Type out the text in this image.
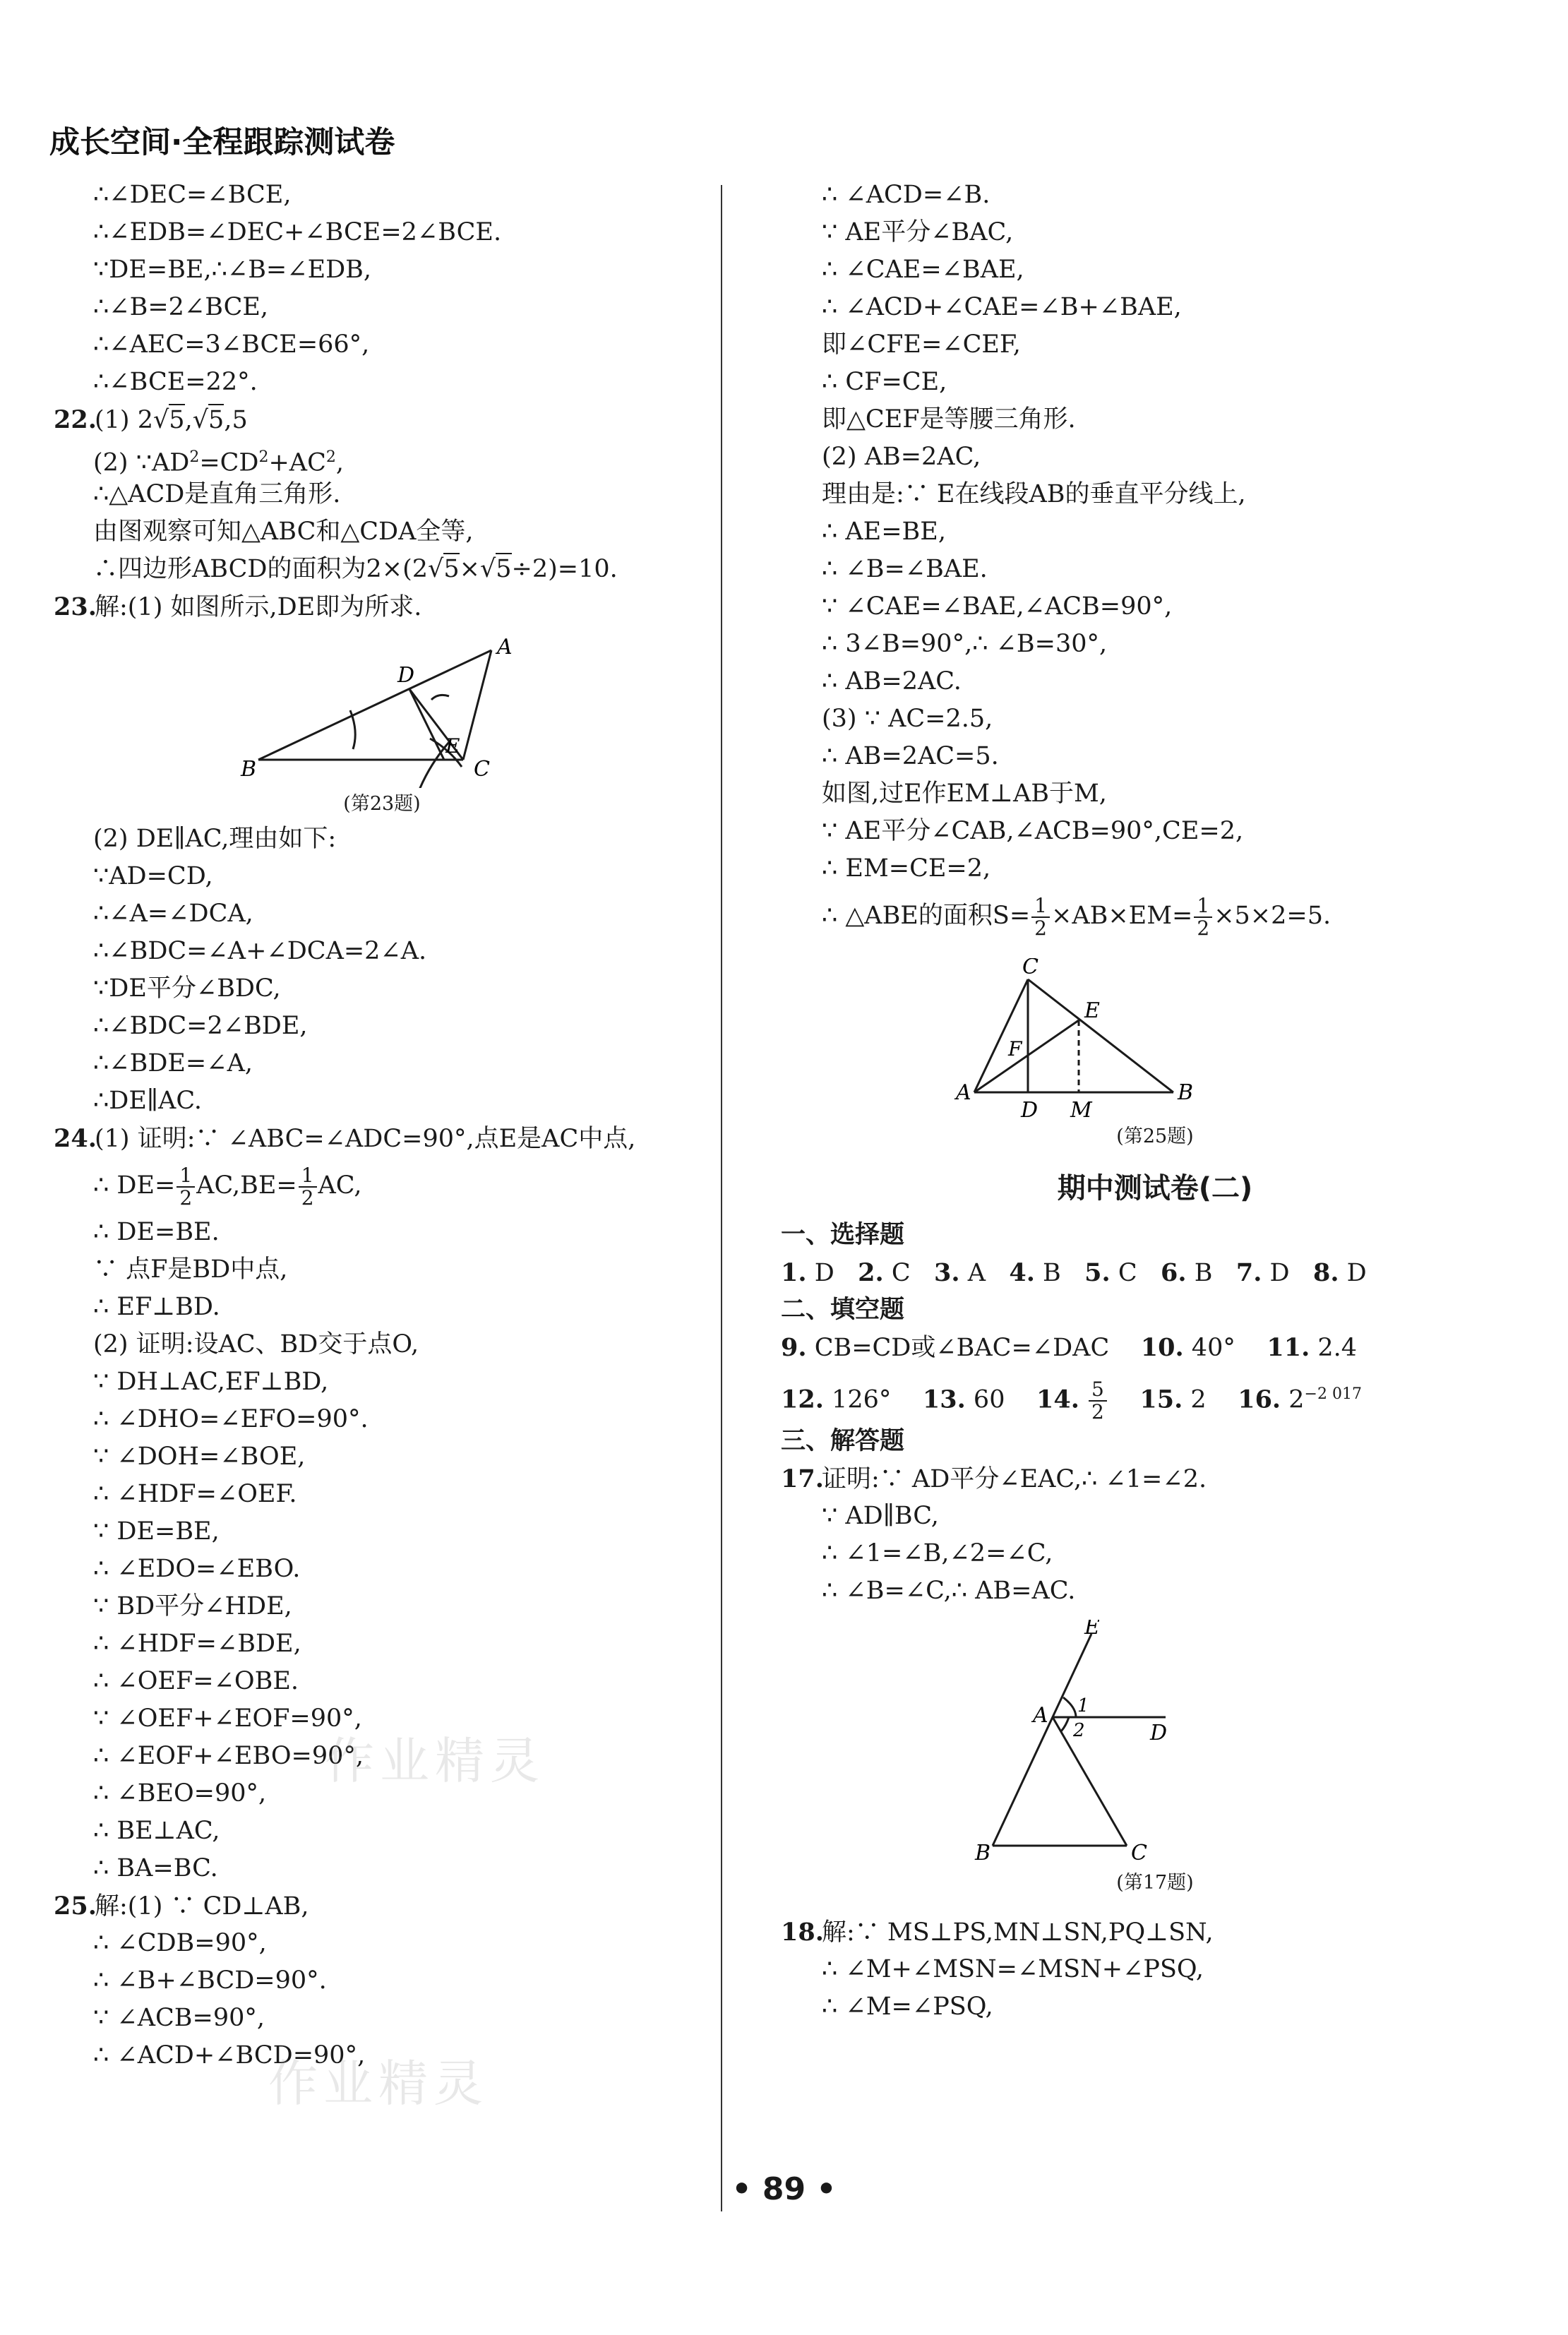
成长空间·全程跟踪测试卷
∴∠DEC=∠BCE,
∴∠EDB=∠DEC+∠BCE=2∠BCE.
∵DE=BE,∴∠B=∠EDB,
∴∠B=2∠BCE,
∴∠AEC=3∠BCE=66°,
∴∠BCE=22°.
22.(1) 2√5,√5,5
(2) $\because AD^2=CD^2+AC^2$,
∴△ACD是直角三角形.
由图观察可知△ABC和△CDA全等,
∴四边形ABCD的面积为2×(2√5×√5÷2)=10.
23.解:(1) 如图所示,DE即为所求.
B	C
A
D
E
(第23题)
(2) DE∥AC,理由如下:
∵AD=CD,
∴∠A=∠DCA,
∴∠BDC=∠A+∠DCA=2∠A.
∵DE平分∠BDC,
∴∠BDC=2∠BDE,
∴∠BDE=∠A,
∴DE∥AC.
24.(1) 证明:∵ ∠ABC=∠ADC=90°,点E是AC中点,
∴ $DE= \frac{1}{2} AC,BE= \frac{1}{2}$ AC,
∴ DE=BE.
∵ 点F是BD中点,
∴ EF⊥BD.
(2) 证明:设AC、BD交于点O,
∵ DH⊥AC,EF⊥BD,
∴ ∠DHO=∠EFO=90°.
∵ ∠DOH=∠BOE,
∴ ∠HDF=∠OEF.
∵ DE=BE,
∴ ∠EDO=∠EBO.
∵ BD平分∠HDE,
∴ ∠HDF=∠BDE,
∴ ∠OEF=∠OBE.
∵ ∠OEF+∠EOF=90°,
∴ ∠EOF+∠EBO=90°,
∴ ∠BEO=90°,
∴ BE⊥AC,
∴ BA=BC.
25.解:(1) ∵ CD⊥AB,
∴ ∠CDB=90°,
∴ ∠B+∠BCD=90°.
∵ ∠ACB=90°,
∴ ∠ACD+∠BCD=90°,
∴ ∠ACD=∠B.
∵ AE平分∠BAC,
∴ ∠CAE=∠BAE,
∴ ∠ACD+∠CAE=∠B+∠BAE,
即∠CFE=∠CEF,
∴ CF=CE,
即△CEF是等腰三角形.
(2) AB=2AC,
理由是:∵ E在线段AB的垂直平分线上,
∴ AE=BE,
∴ ∠B=∠BAE.
∵ ∠CAE=∠BAE,∠ACB=90°,
∴ 3∠B=90°,∴ ∠B=30°,
∴ AB=2AC.
(3) ∵ AC=2.5,
∴ AB=2AC=5.
如图,过E作EM⊥AB于M,
∵ AE平分∠CAB,∠ACB=90°,CE=2,
∴ EM=CE=2,
∴ △ABE的面积$S= \frac{1}{2} \times AB\times EM= \frac{1}{2} \times 5\times 2=5$.
C
E
F
A	B
D M
(第25题)
期中测试卷(二)
一、选择题
1. D 2. C 3. A 4. B 5. C 6. B 7. D 8. D
二、填空题
9. CB=CD或∠BAC=∠DAC 10. 40° 11. 2.4
12. 126° 13. 60 14. $\frac{5}{2} 15$. 2 16. $2^{-2 017}$
三、解答题
17.证明:∵ AD平分∠EAC,∴ ∠1=∠2.
∵ AD∥BC,
∴ ∠1=∠B,∠2=∠C,
∴ ∠B=∠C,∴ AB=AC.
E
A 1
2	D
B	C
(第17题)
18.解:∵ MS⊥PS,MN⊥SN,PQ⊥SN,
∴ ∠M+∠MSN=∠MSN+∠PSQ,
∴ ∠M=∠PSQ,
作业精灵
作业精灵
• 89 •
